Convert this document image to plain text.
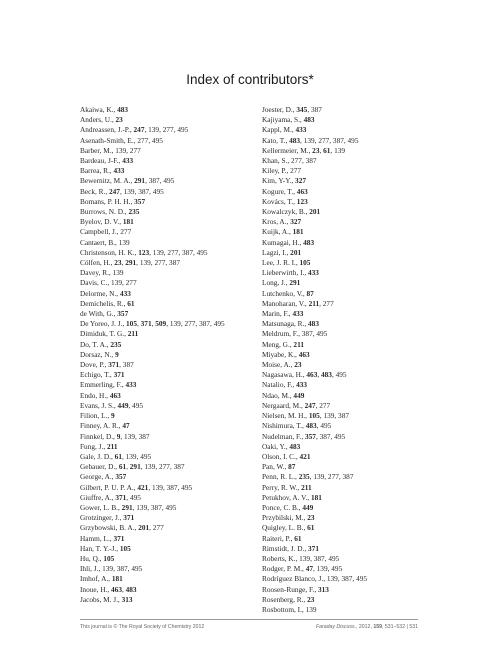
Index of contributors*
Akaiwa, K., 483
Anders, U., 23
Andreassen, J.-P., 247, 139, 277, 495
Asenath-Smith, E., 277, 495
Barber, M., 139, 277
Bardeau, J-F., 433
Barrea, R., 433
Bewernitz, M. A., 291, 387, 495
Beck, R., 247, 139, 387, 495
Bomans, P. H. H., 357
Burrows, N. D., 235
Byelov, D. V., 181
Campbell, J., 277
Cantaert, B., 139
Christenson, H. K., 123, 139, 277, 387, 495
Cölfen, H., 23, 291, 139, 277, 387
Davey, R., 139
Davis, C., 139, 277
Delorme, N., 433
Demichelis, R., 61
de With, G., 357
De Yoreo, J. J., 105, 371, 509, 139, 277, 387, 495
Dimiduk, T. G., 211
Do, T. A., 235
Dorsaz, N., 9
Dove, P., 371, 387
Echigo, T., 371
Emmerling, F., 433
Endo, H., 463
Evans, J. S., 449, 495
Filion, L., 9
Finney, A. R., 47
Finnkel, D., 9, 139, 387
Fung, J., 211
Gale, J. D., 61, 139, 495
Gebauer, D., 61, 291, 139, 277, 387
George, A., 357
Gilbert, P. U. P. A., 421, 139, 387, 495
Giuffre, A., 371, 495
Gower, L. B., 291, 139, 387, 495
Grotzinger, J., 371
Grzybowski, B. A., 201, 277
Hamm, L., 371
Han, T. Y.-J., 105
Hu, Q., 105
Ihli, J., 139, 387, 495
Imhof, A., 181
Inoue, H., 463, 483
Jacobs, M. J., 313
Joester, D., 345, 387
Kajiyama, S., 483
Kappl, M., 433
Kato, T., 483, 139, 277, 387, 495
Kellermeier, M., 23, 61, 139
Khan, S., 277, 387
Kiley, P., 277
Kim, Y-Y., 327
Kogure, T., 463
Kovács, T., 123
Kowalczyk, B., 201
Kros, A., 327
Kuijk, A., 181
Kumagai, H., 483
Lagzi, I., 201
Lee, J. R. I., 105
Lieberwirth, I., 433
Long, J., 291
Lutchenko, V., 87
Manoharan, V., 211, 277
Marin, F., 433
Matsunaga, R., 483
Meldrum, F., 387, 495
Meng, G., 211
Miyabe, K., 463
Moise, A., 23
Nagasawa, H., 463, 483, 495
Natalio, F., 433
Ndao, M., 449
Nergaard, M., 247, 277
Nielsen, M. H., 105, 139, 387
Nishimura, T., 483, 495
Nudelman, F., 357, 387, 495
Oaki, Y., 483
Olson, I. C., 421
Pan, W., 87
Penn, R. L., 235, 139, 277, 387
Perry, R. W., 211
Petukhov, A. V., 181
Ponce, C. B., 449
Przybilski, M., 23
Quigley, L. B., 61
Raiteri, P., 61
Rimstidt, J. D., 371
Roberts, K., 139, 387, 495
Rodger, P. M., 47, 139, 495
Rodríguez Blanco, J., 139, 387, 495
Roosen-Runge, F., 313
Rosenberg, R., 23
Rosbottom, I., 139
This journal is © The Royal Society of Chemistry 2012	Faraday Discuss., 2012, 159, 531–532 | 531
